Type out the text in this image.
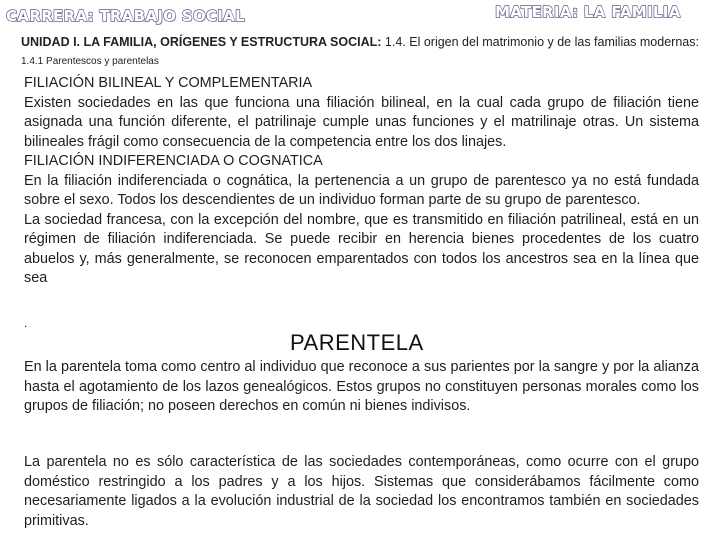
CARRERA: TRABAJO SOCIAL	MATERIA: LA FAMILIA
UNIDAD I. LA FAMILIA, ORÍGENES Y ESTRUCTURA SOCIAL: 1.4. El origen del matrimonio y de las familias modernas: 1.4.1 Parentescos y parentelas

FILIACIÓN BILINEAL Y COMPLEMENTARIA

Existen sociedades en las que funciona una filiación bilineal, en la cual cada grupo de filiación tiene asignada una función diferente, el patrilinaje cumple unas funciones y el matrilinaje otras. Un sistema bilineales frágil como consecuencia de la competencia entre los dos linajes.

FILIACIÓN INDIFERENCIADA O COGNATICA

En la filiación indiferenciada o cognática, la pertenencia a un grupo de parentesco ya no está fundada sobre el sexo. Todos los descendientes de un individuo forman parte de su grupo de parentesco.

La sociedad francesa, con la excepción del nombre, que es transmitido en filiación patrilineal, está en un régimen de filiación indiferenciada. Se puede recibir en herencia bienes procedentes de los cuatro abuelos y, más generalmente, se reconocen emparentados con todos los ancestros sea en la línea que sea

.
PARENTELA

En la parentela toma como centro al individuo que reconoce a sus parientes por la sangre y por la alianza hasta el agotamiento de los lazos genealógicos. Estos grupos no constituyen personas morales como los grupos de filiación; no poseen derechos en común ni bienes indivisos.

La parentela no es sólo característica de las sociedades contemporáneas, como ocurre con el grupo doméstico restringido a los padres y a los hijos. Sistemas que considerábamos fácilmente como necesariamente ligados a la evolución industrial de la sociedad los encontramos también en sociedades primitivas.
